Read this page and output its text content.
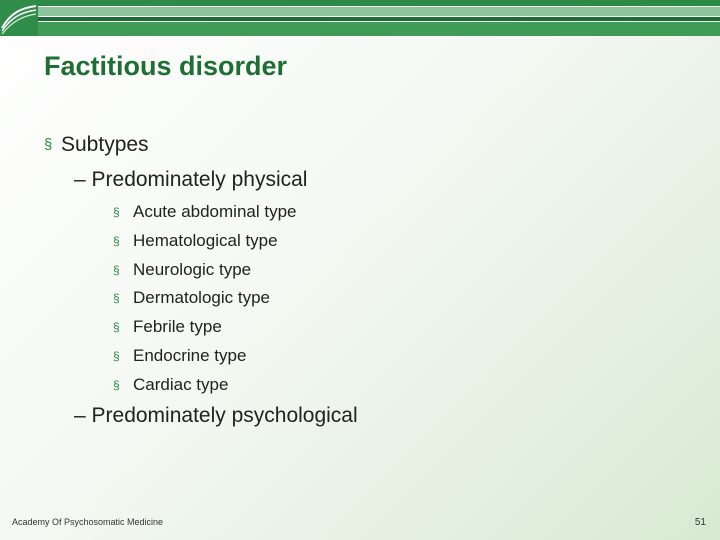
Factitious disorder
§ Subtypes
– Predominately physical
§ Acute abdominal type
§ Hematological type
§ Neurologic type
§ Dermatologic type
§ Febrile type
§ Endocrine type
§ Cardiac type
– Predominately psychological
Academy Of Psychosomatic Medicine	51
